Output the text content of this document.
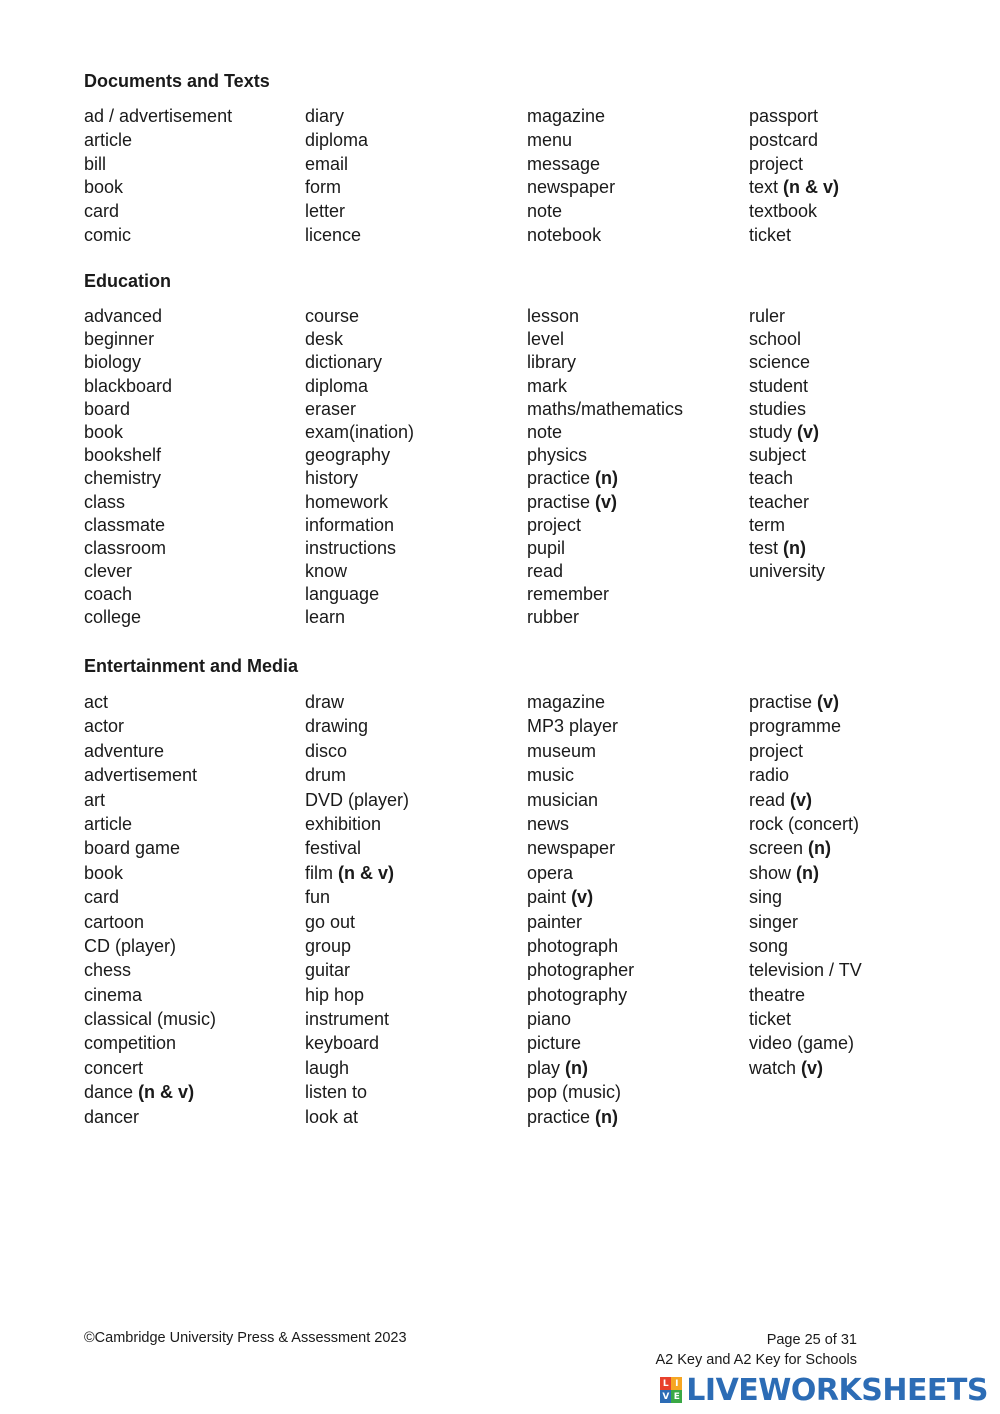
Documents and Texts
ad / advertisement
article
bill
book
card
comic
diary
diploma
email
form
letter
licence
magazine
menu
message
newspaper
note
notebook
passport
postcard
project
text (n & v)
textbook
ticket
Education
advanced
beginner
biology
blackboard
board
book
bookshelf
chemistry
class
classmate
classroom
clever
coach
college
course
desk
dictionary
diploma
eraser
exam(ination)
geography
history
homework
information
instructions
know
language
learn
lesson
level
library
mark
maths/mathematics
note
physics
practice (n)
practise (v)
project
pupil
read
remember
rubber
ruler
school
science
student
studies
study (v)
subject
teach
teacher
term
test (n)
university
Entertainment and Media
act
actor
adventure
advertisement
art
article
board game
book
card
cartoon
CD (player)
chess
cinema
classical (music)
competition
concert
dance (n & v)
dancer
draw
drawing
disco
drum
DVD (player)
exhibition
festival
film (n & v)
fun
go out
group
guitar
hip hop
instrument
keyboard
laugh
listen to
look at
magazine
MP3 player
museum
music
musician
news
newspaper
opera
paint (v)
painter
photograph
photographer
photography
piano
picture
play (n)
pop (music)
practice (n)
practise (v)
programme
project
radio
read (v)
rock (concert)
screen (n)
show (n)
sing
singer
song
television / TV
theatre
ticket
video (game)
watch (v)
©Cambridge University Press & Assessment 2023	Page 25 of 31
A2 Key and A2 Key for Schools
L I
V E LIVEWORKSHEETS
